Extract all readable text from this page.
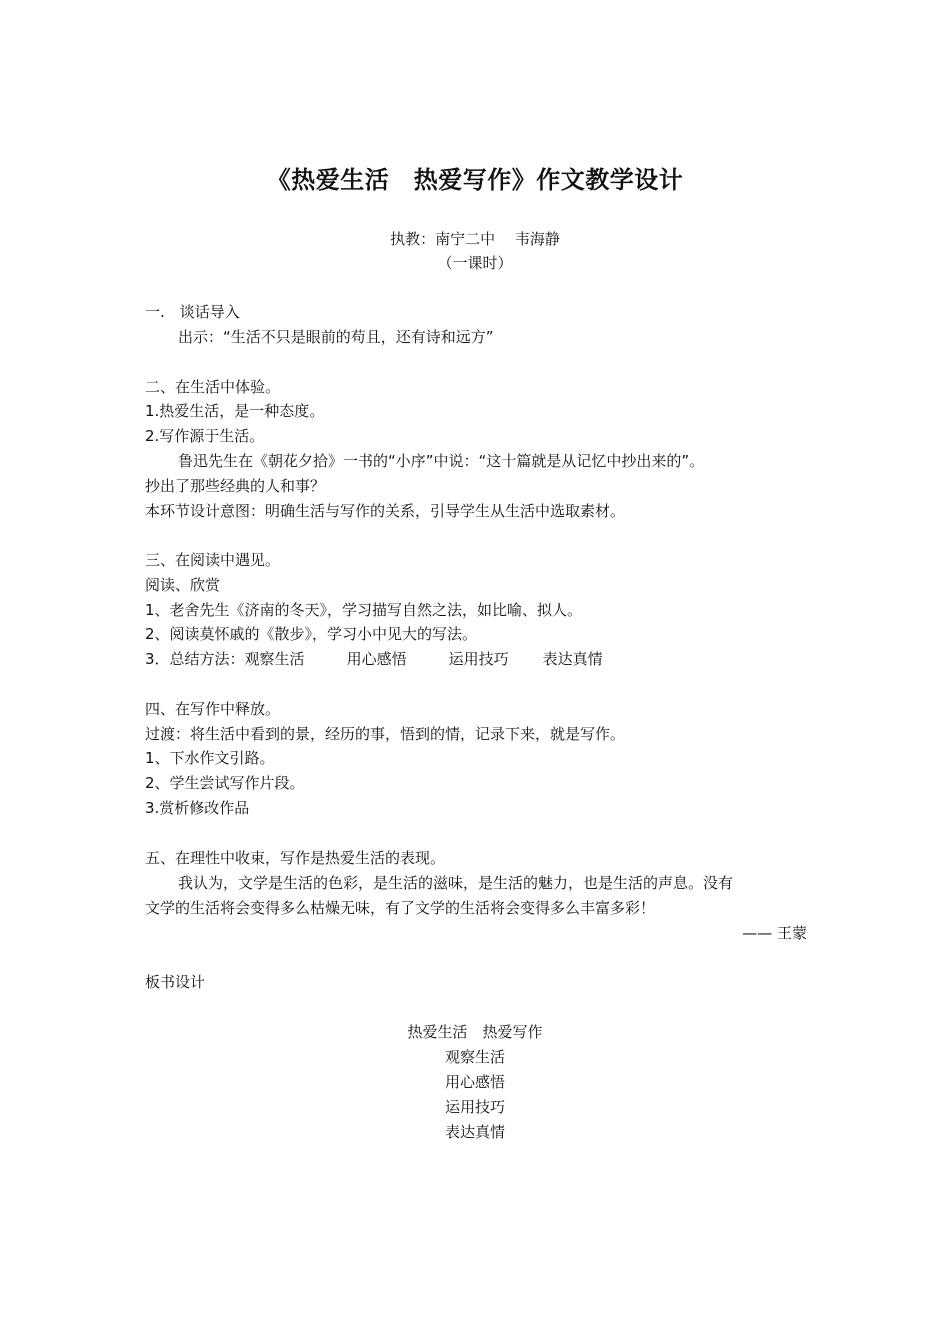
《热爱生活　热爱写作》作文教学设计
执教：南宁二中　 韦海静
（一课时）
一.　谈话导入
出示：“生活不只是眼前的苟且，还有诗和远方”
二、在生活中体验。
1.热爱生活，是一种态度。
2.写作源于生活。
鲁迅先生在《朝花夕拾》一书的“小序”中说：“这十篇就是从记忆中抄出来的”。
抄出了那些经典的人和事？
本环节设计意图：明确生活与写作的关系，引导学生从生活中选取素材。
三、在阅读中遇见。
阅读、欣赏
1、老舍先生《济南的冬天》，学习描写自然之法，如比喻、拟人。
2、阅读莫怀戚的《散步》，学习小中见大的写法。
3．总结方法：观察生活	用心感悟	运用技巧 表达真情
四、在写作中释放。
过渡：将生活中看到的景，经历的事，悟到的情，记录下来，就是写作。
1、下水作文引路。
2、学生尝试写作片段。
3.赏析修改作品
五、在理性中收束，写作是热爱生活的表现。
我认为，文学是生活的色彩，是生活的滋味，是生活的魅力，也是生活的声息。没有
文学的生活将会变得多么枯燥无味，有了文学的生活将会变得多么丰富多彩！
—— 王蒙
板书设计
热爱生活　热爱写作
观察生活
用心感悟
运用技巧
表达真情
